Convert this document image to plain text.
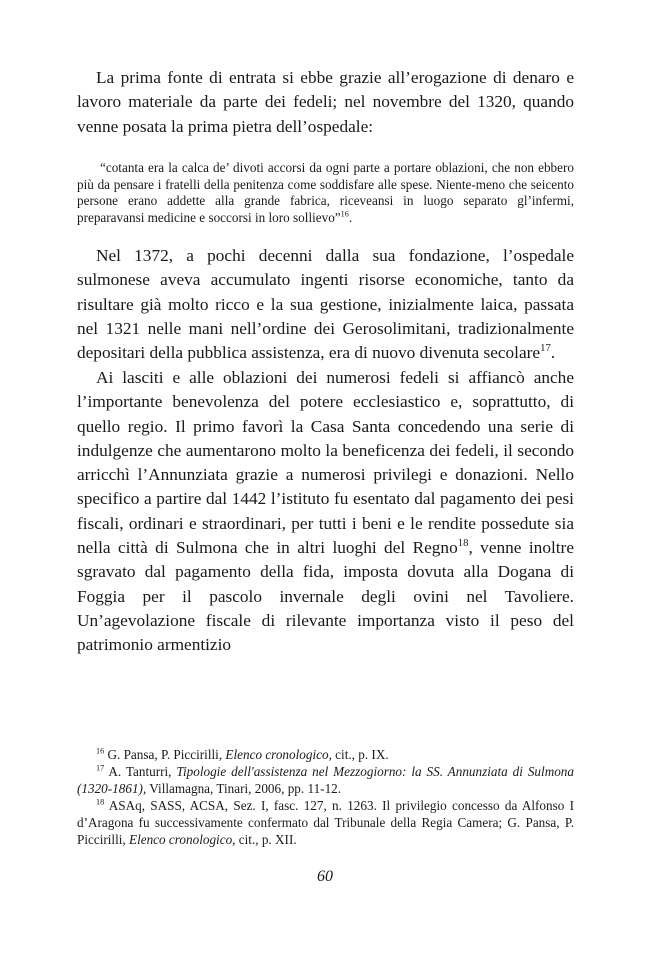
La prima fonte di entrata si ebbe grazie all’erogazione di denaro e lavoro materiale da parte dei fedeli; nel novembre del 1320, quando venne posata la prima pietra dell’ospedale:

“cotanta era la calca de’ divoti accorsi da ogni parte a portare oblazioni, che non ebbero più da pensare i fratelli della penitenza come soddisfare alle spese. Niente-meno che seicento persone erano addette alla grande fabrica, riceveansi in luogo separato gl’infermi, preparavansi medicine e soccorsi in loro sollievo”$^{16}$.

Nel 1372, a pochi decenni dalla sua fondazione, l’ospedale sulmonese aveva accumulato ingenti risorse economiche, tanto da risultare già molto ricco e la sua gestione, inizialmente laica, passata nel 1321 nelle mani nell’ordine dei Gerosolimitani, tradizionalmente depositari della pubblica assistenza, era di nuovo divenuta secolare$^{17}$.

Ai lasciti e alle oblazioni dei numerosi fedeli si affiancò anche l’importante benevolenza del potere ecclesiastico e, soprattutto, di quello regio. Il primo favorì la Casa Santa concedendo una serie di indulgenze che aumentarono molto la beneficenza dei fedeli, il secondo arricchì l’Annunziata grazie a numerosi privilegi e donazioni. Nello specifico a partire dal 1442 l’istituto fu esentato dal pagamento dei pesi fiscali, ordinari e straordinari, per tutti i beni e le rendite possedute sia nella città di Sulmona che in altri luoghi del Regno$^{18}$, venne inoltre sgravato dal pagamento della fida, imposta dovuta alla Dogana di Foggia per il pascolo invernale degli ovini nel Tavoliere. Un’agevolazione fiscale di rilevante importanza visto il peso del patrimonio armentizio

$^{16}$ G. Pansa, P. Piccirilli, Elenco cronologico, cit., p. IX.

$^{17}$ A. Tanturri, Tipologie dell'assistenza nel Mezzogiorno: la SS. Annunziata di Sulmona (1320-1861), Villamagna, Tinari, 2006, pp. 11-12.

$^{18}$ ASAq, SASS, ACSA, Sez. I, fasc. 127, n. 1263. Il privilegio concesso da Alfonso I d’Aragona fu successivamente confermato dal Tribunale della Regia Camera; G. Pansa, P. Piccirilli, Elenco cronologico, cit., p. XII.

60
